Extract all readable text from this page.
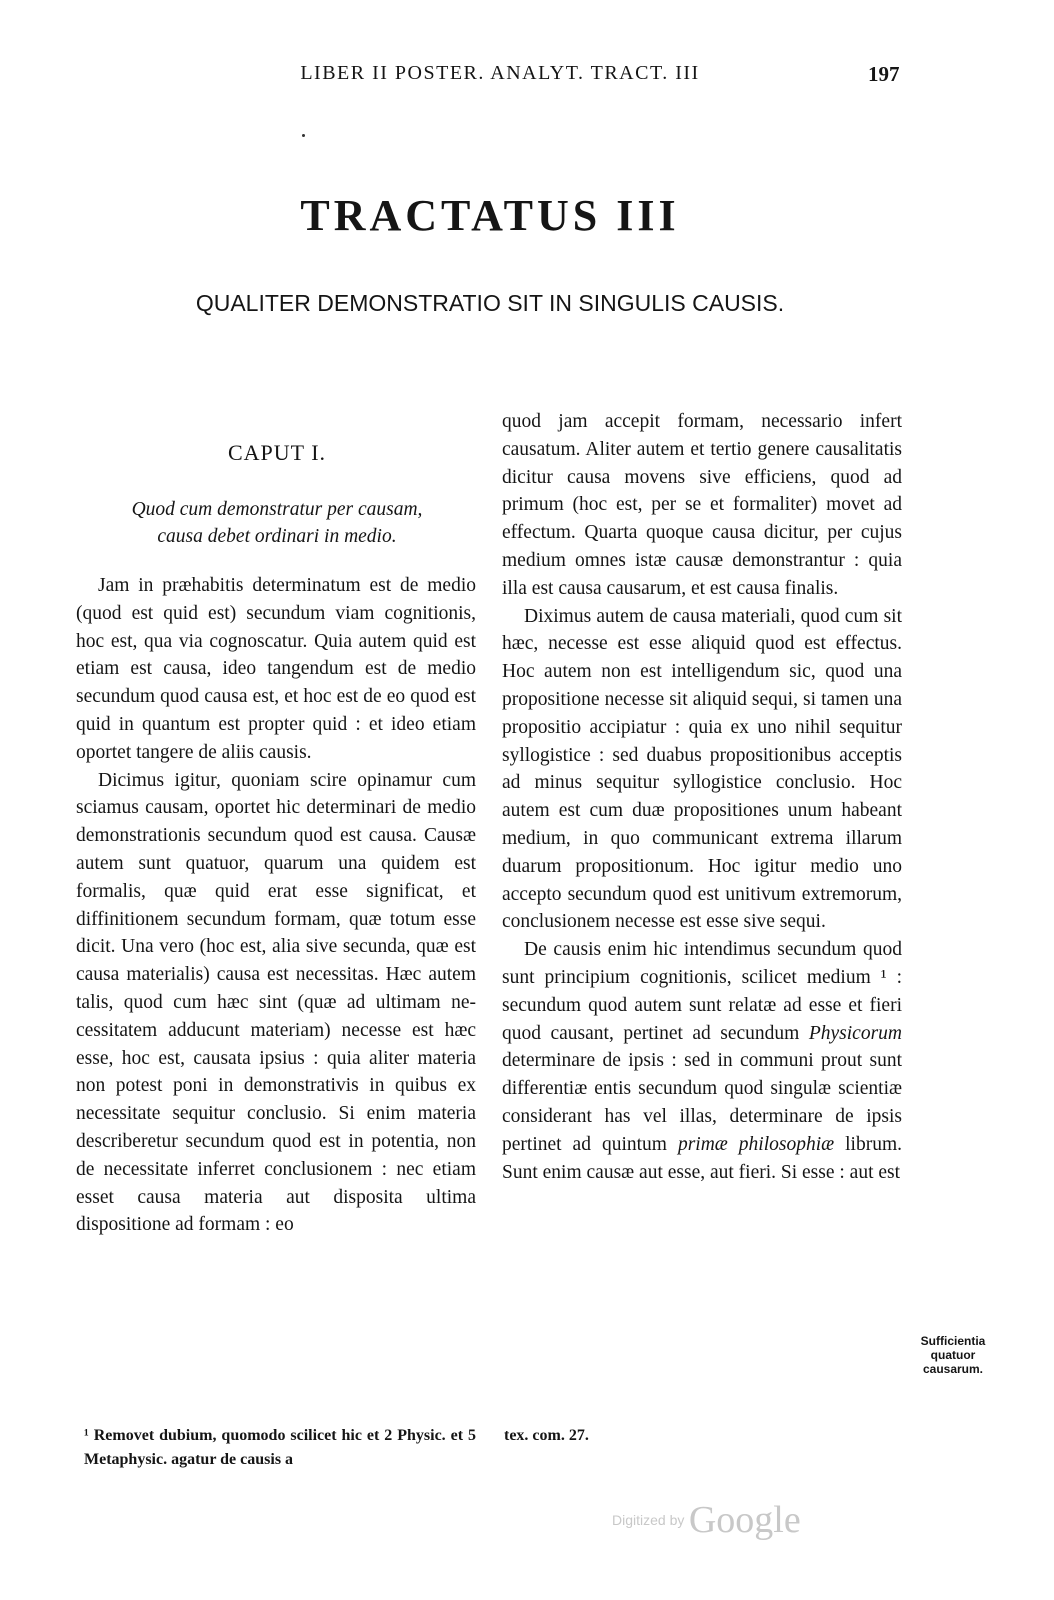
LIBER II POSTER. ANALYT. TRACT. III	197
TRACTATUS III
QUALITER DEMONSTRATIO SIT IN SINGULIS CAUSIS.
CAPUT I.
Quod cum demonstratur per causam,
causa debet ordinari in medio.

Jam in præhabitis determinatum est de medio (quod est quid est) secundum viam cognitionis, hoc est, qua via cognoscatur. Quia autem quid est etiam est causa, ideo tangendum est de medio secundum quod causa est, et hoc est de eo quod est quid in quantum est propter quid : et ideo etiam oportet tangere de aliis causis.

Dicimus igitur, quoniam scire opinamur cum sciamus causam, oportet hic determinari de medio demonstrationis secundum quod est causa. Causæ autem sunt quatuor, quarum una quidem est formalis, quæ quid erat esse significat, et diffinitionem secundum formam, quæ totum esse dicit. Una vero (hoc est, alia sive secunda, quæ est causa materialis) causa est necessitas. Hæc autem talis, quod cum hæc sint (quæ ad ultimam necessitatem adducunt materiam) necesse est hæc esse, hoc est, causata ipsius : quia aliter materia non potest poni in demonstrativis in quibus ex necessitate sequitur conclusio. Si enim materia describeretur secundum quod est in potentia, non de necessitate inferret conclusionem : nec etiam esset causa materia aut disposita ultima dispositione ad formam : eo

quod jam accepit formam, necessario infert causatum. Aliter autem et tertio genere causalitatis dicitur causa movens sive efficiens, quod ad primum (hoc est, per se et formaliter) movet ad effectum. Quarta quoque causa dicitur, per cujus medium omnes istæ causæ demonstrantur : quia illa est causa causarum, et est causa finalis.

Diximus autem de causa materiali, quod cum sit hæc, necesse est esse aliquid quod est effectus. Hoc autem non est intelligendum sic, quod una propositione necesse sit aliquid sequi, si tamen una propositio accipiatur : quia ex uno nihil sequitur syllogistice : sed duabus propositionibus acceptis ad minus sequitur syllogistice conclusio. Hoc autem est cum duæ propositiones unum habeant medium, in quo communicant extrema illarum duarum propositionum. Hoc igitur medio uno accepto secundum quod est unitivum extremorum, conclusionem necesse est esse sive sequi.

De causis enim hic intendimus secundum quod sunt principium cognitionis, scilicet medium ¹ : secundum quod autem sunt relatæ ad esse et fieri quod causant, pertinet ad secundum Physicorum determinare de ipsis : sed in communi prout sunt differentiæ entis secundum quod singulæ scientiæ considerant has vel illas, determinare de ipsis pertinet ad quintum primæ philosophiæ librum. Sunt enim causæ aut esse, aut fieri. Si esse : aut est

Sufficientia
quatuor
causarum.
¹ Removet dubium, quomodo scilicet hic et 2 Physic. et 5 Metaphysic. agatur de causis a
tex. com. 27.
Digitized by Google
